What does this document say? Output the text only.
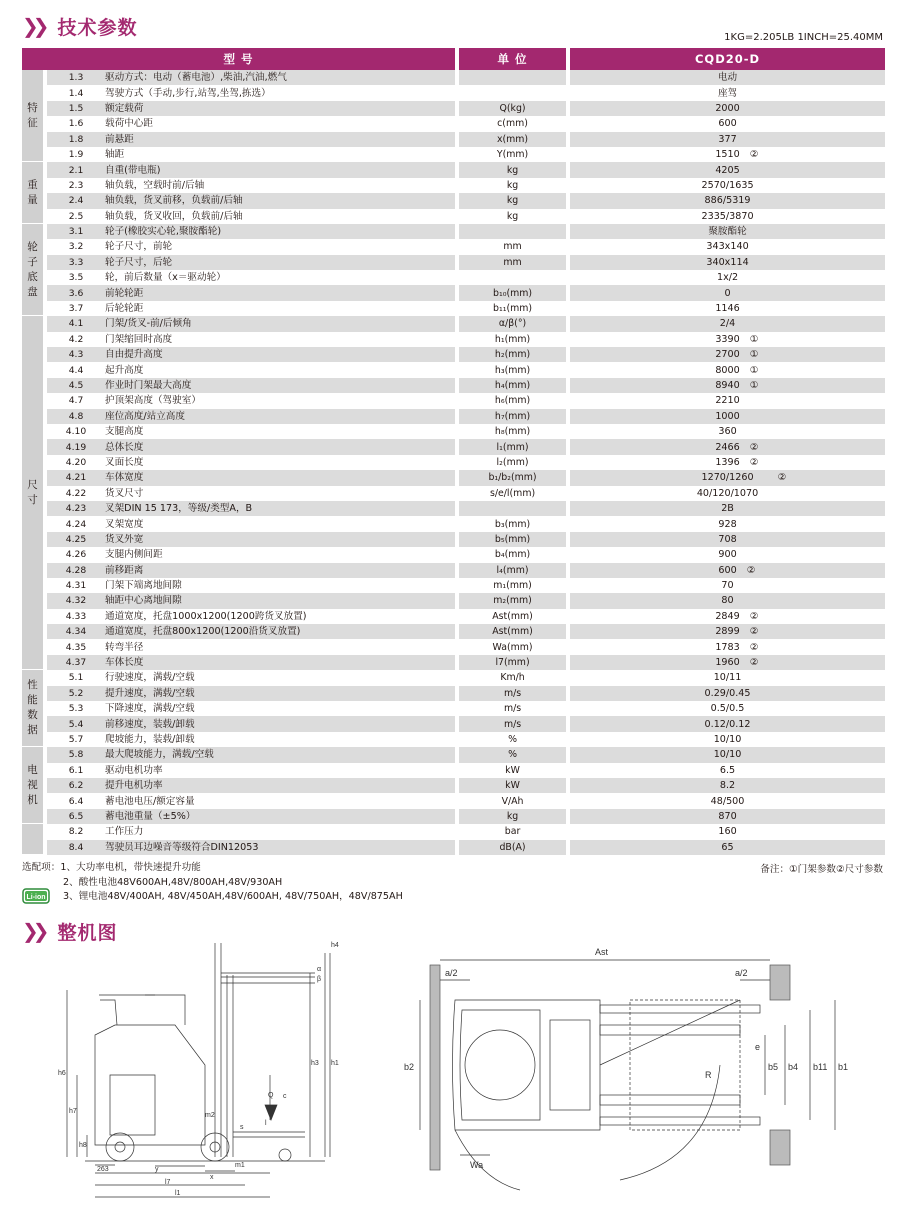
❯❯ 技术参数	1KG=2.205LB 1INCH=25.40MM
型 号			单 位	CQD20-D

特
征	1.3	驱动方式：电动（蓄电池）,柴油,汽油,燃气		电动
	1.4	驾驶方式（手动,步行,站驾,坐驾,拣选）		座驾
	1.5	额定载荷	Q(kg)	2000
	1.6	载荷中心距	c(mm)	600
	1.8	前悬距	x(mm)	377
	1.9	轴距	Y(mm)	1510 ②

重
量	2.1	自重(带电瓶)	kg	4205
	2.3	轴负载，空载时前/后轴	kg	2570/1635
	2.4	轴负载，货叉前移，负载前/后轴	kg	886/5319
	2.5	轴负载，货叉收回，负载前/后轴	kg	2335/3870

轮
子
底
盘	3.1	轮子(橡胶实心轮,聚胺酯轮)		聚胺酯轮
	3.2	轮子尺寸，前轮	mm	343x140
	3.3	轮子尺寸，后轮	mm	340x114
	3.5	轮，前后数量（x＝驱动轮）		1x/2
	3.6	前轮轮距	b₁₀(mm)	0
	3.7	后轮轮距	b₁₁(mm)	1146

尺
寸	4.1	门架/货叉-前/后倾角	α/β(°)	2/4
	4.2	门架缩回时高度	h₁(mm)	3390 ①

	4.3	自由提升高度	h₂(mm)	2700 ①

	4.4	起升高度	h₃(mm)	8000 ①

	4.5	作业时门架最大高度	h₄(mm)	8940 ①

	4.7	护顶架高度（驾驶室）	h₆(mm)	2210
	4.8	座位高度/站立高度	h₇(mm)	1000
	4.10	支腿高度	h₈(mm)	360
	4.19	总体长度	l₁(mm)	2466 ②

	4.20	叉面长度	l₂(mm)	1396 ②

	4.21	车体宽度	b₁/b₂(mm)	1270/1260 ②

	4.22	货叉尺寸	s/e/l(mm)	40/120/1070
	4.23	叉架DIN 15 173，等级/类型A，B		2B
	4.24	叉架宽度	b₃(mm)	928
	4.25	货叉外宽	b₅(mm)	708
	4.26	支腿内侧间距	b₄(mm)	900
	4.28	前移距离	l₄(mm)	600 ②

	4.31	门架下端离地间隙	m₁(mm)	70
	4.32	轴距中心离地间隙	m₂(mm)	80
	4.33	通道宽度，托盘1000x1200(1200跨货叉放置)	Ast(mm)	2849 ②

	4.34	通道宽度，托盘800x1200(1200沿货叉放置)	Ast(mm)	2899 ②

	4.35	转弯半径	Wa(mm)	1783 ②

	4.37	车体长度	l7(mm)	1960 ②

性
能
数
据	5.1	行驶速度，满载/空载	Km/h	10/11
	5.2	提升速度，满载/空载	m/s	0.29/0.45
	5.3	下降速度，满载/空载	m/s	0.5/0.5
	5.4	前移速度，装载/卸载	m/s	0.12/0.12
	5.7	爬坡能力，装载/卸载	%	10/10

电
视
机	5.8	最大爬坡能力，满载/空载	%	10/10
	6.1	驱动电机功率	kW	6.5
	6.2	提升电机功率	kW	8.2
	6.4	蓄电池电压/额定容量	V/Ah	48/500
	6.5	蓄电池重量（±5%）	kg	870

	8.2	工作压力	bar	160
	8.4	驾驶员耳边噪音等级符合DIN12053	dB(A)	65
选配项：1、大功率电机，带快速提升功能
2、酸性电池48V600AH,48V/800AH,48V/930AH
3、锂电池48V/400AH, 48V/450AH,48V/600AH, 48V/750AH，48V/875AH
备注：①门架参数②尺寸参数
Li-ion
❯❯ 整机图
h4
h1
h3
h6
h7
h8
c
Q
l
α
β
263	y
x
l7
l1
s
m2
m1
Ast
a/2	a/2
b2
e
b5 b4 b11 b1
R
Wa
